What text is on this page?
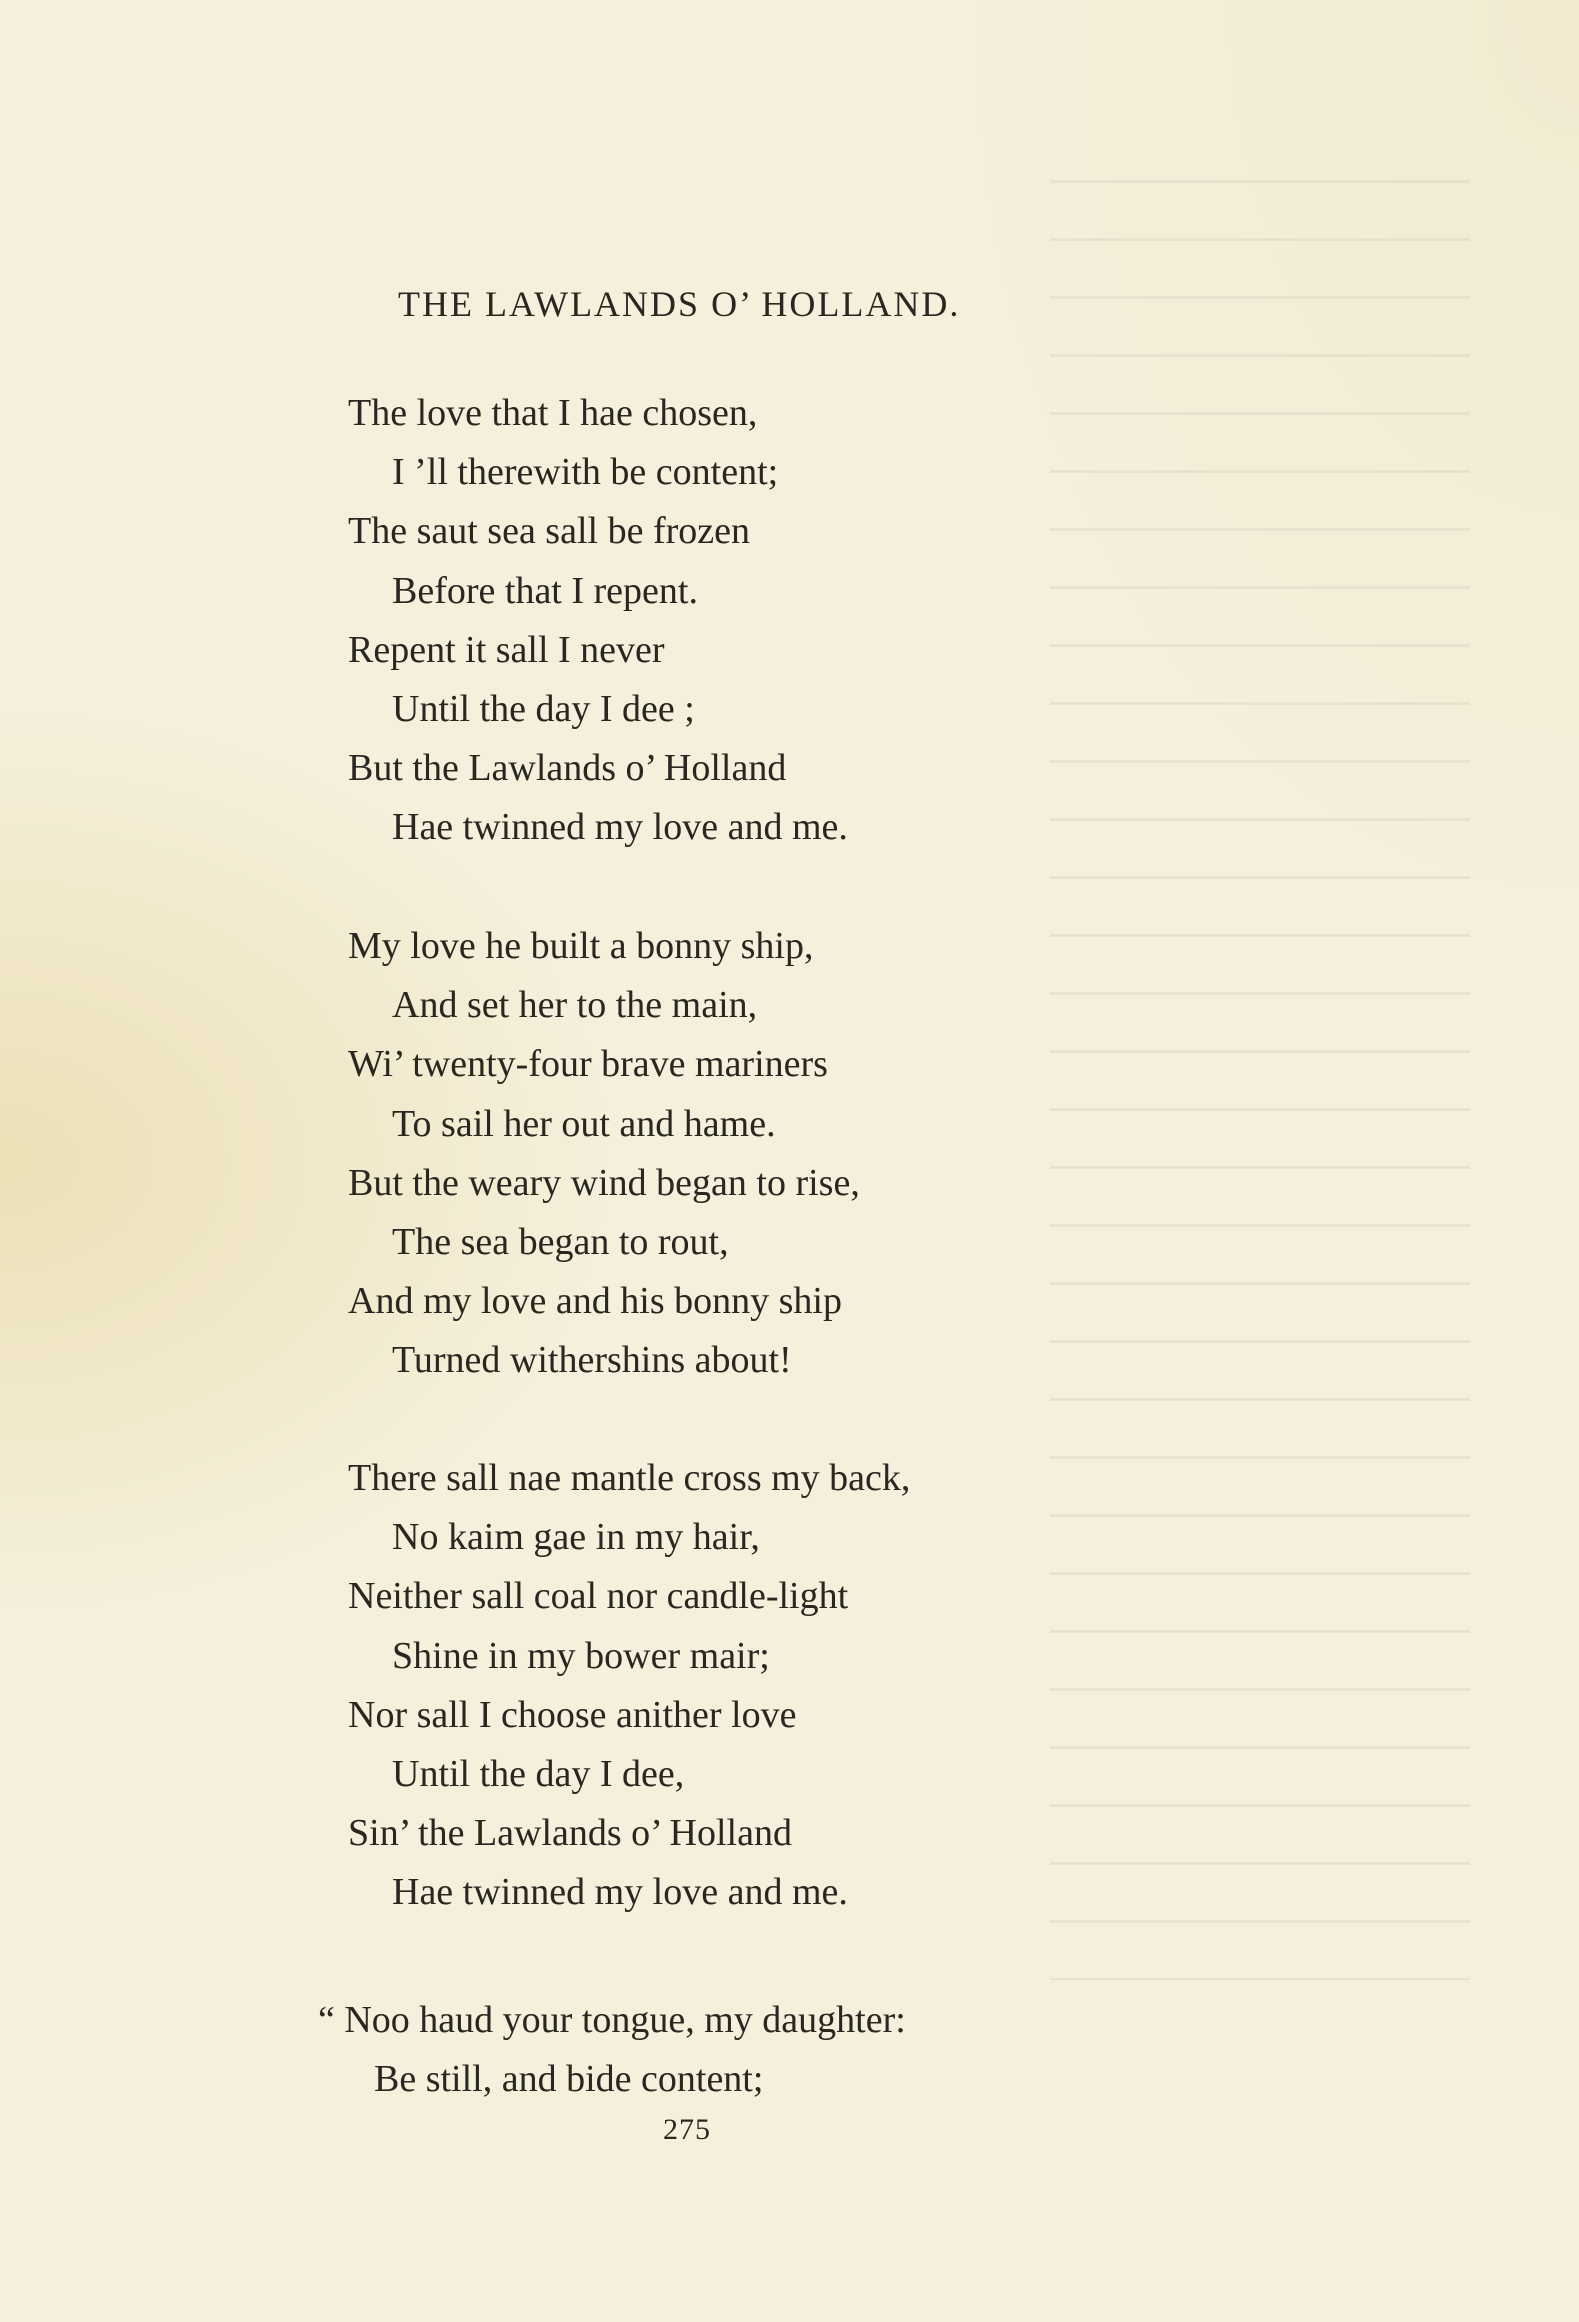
THE LAWLANDS O’ HOLLAND.
The love that I hae chosen,
I ’ll therewith be content;
The saut sea sall be frozen
Before that I repent.
Repent it sall I never
Until the day I dee ;
But the Lawlands o’ Holland
Hae twinned my love and me.
My love he built a bonny ship,
And set her to the main,
Wi’ twenty-four brave mariners
To sail her out and hame.
But the weary wind began to rise,
The sea began to rout,
And my love and his bonny ship
Turned withershins about!
There sall nae mantle cross my back,
No kaim gae in my hair,
Neither sall coal nor candle-light
Shine in my bower mair;
Nor sall I choose anither love
Until the day I dee,
Sin’ the Lawlands o’ Holland
Hae twinned my love and me.
“ Noo haud your tongue, my daughter:
Be still, and bide content;
275
